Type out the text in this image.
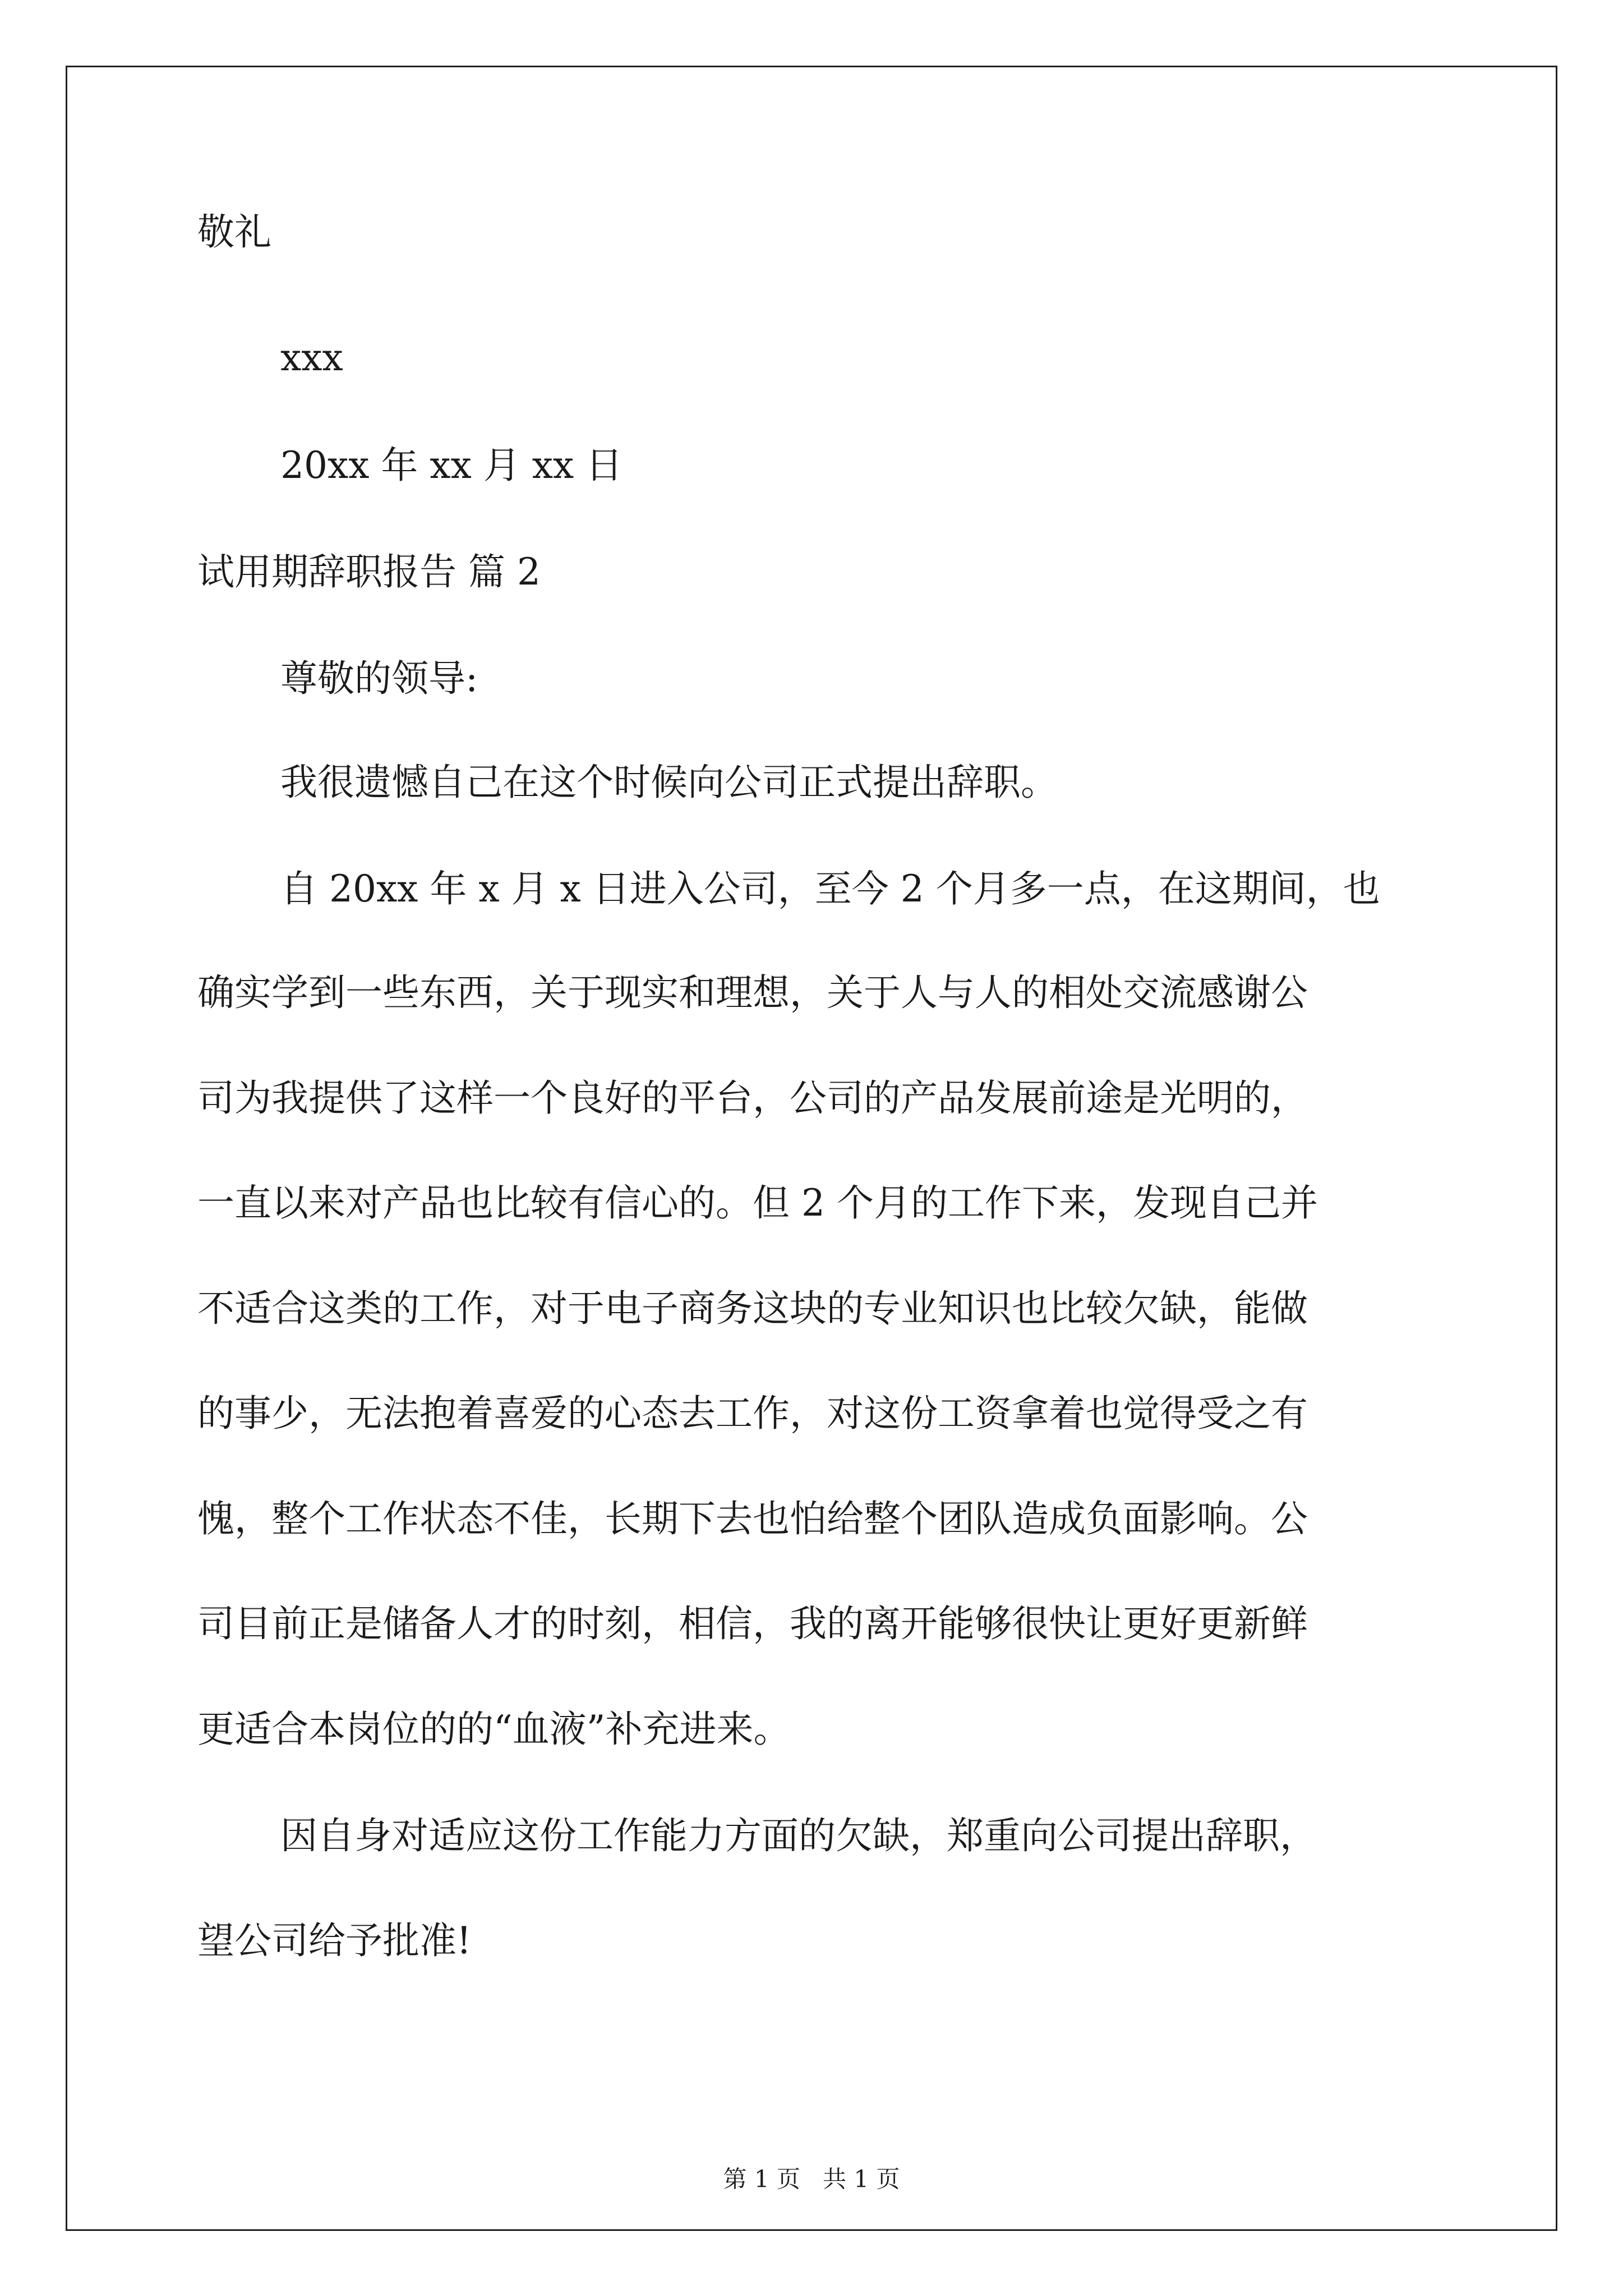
敬礼

xxx

20xx 年 xx 月 xx 日

试用期辞职报告 篇 2

尊敬的领导:

我很遗憾自己在这个时候向公司正式提出辞职。

自 20xx 年 x 月 x 日进入公司，至今 2 个月多一点，在这期间，也

确实学到一些东西，关于现实和理想，关于人与人的相处交流感谢公

司为我提供了这样一个良好的平台，公司的产品发展前途是光明的，

一直以来对产品也比较有信心的。但 2 个月的工作下来，发现自己并

不适合这类的工作，对于电子商务这块的专业知识也比较欠缺，能做

的事少，无法抱着喜爱的心态去工作，对这份工资拿着也觉得受之有

愧，整个工作状态不佳，长期下去也怕给整个团队造成负面影响。公

司目前正是储备人才的时刻，相信，我的离开能够很快让更好更新鲜

更适合本岗位的的“血液”补充进来。

因自身对适应这份工作能力方面的欠缺，郑重向公司提出辞职，

望公司给予批准!

第 1 页   共 1 页
